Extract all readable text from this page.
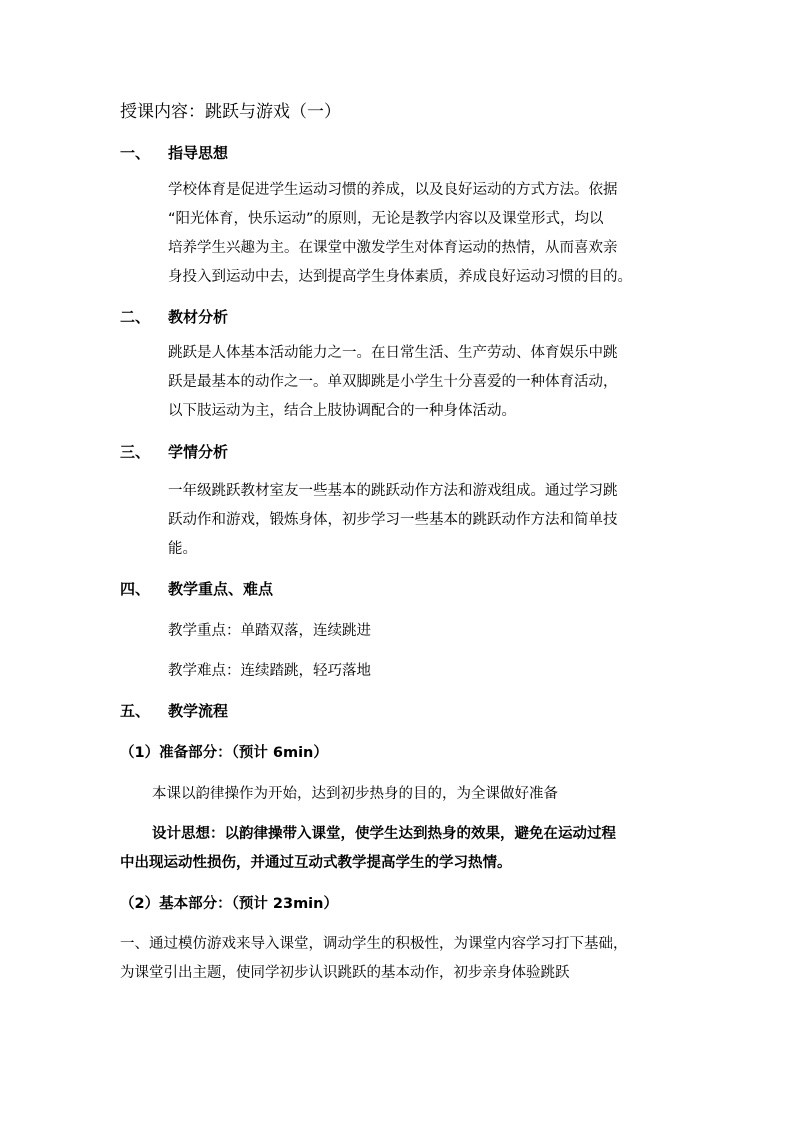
授课内容：跳跃与游戏（一）
一、 指导思想

学校体育是促进学生运动习惯的养成，以及良好运动的方式方法。依据

“阳光体育，快乐运动”的原则，无论是教学内容以及课堂形式，均以

培养学生兴趣为主。在课堂中激发学生对体育运动的热情，从而喜欢亲

身投入到运动中去，达到提高学生身体素质，养成良好运动习惯的目的。

二、 教材分析

跳跃是人体基本活动能力之一。在日常生活、生产劳动、体育娱乐中跳

跃是最基本的动作之一。单双脚跳是小学生十分喜爱的一种体育活动，

以下肢运动为主，结合上肢协调配合的一种身体活动。

三、 学情分析

一年级跳跃教材室友一些基本的跳跃动作方法和游戏组成。通过学习跳

跃动作和游戏，锻炼身体，初步学习一些基本的跳跃动作方法和简单技

能。

四、 教学重点、难点
教学重点：单踏双落，连续跳进
教学难点：连续踏跳，轻巧落地
五、 教学流程
（1）准备部分：（预计 6min）
本课以韵律操作为开始，达到初步热身的目的，为全课做好准备
设计思想：以韵律操带入课堂，使学生达到热身的效果，避免在运动过程
中出现运动性损伤，并通过互动式教学提高学生的学习热情。
（2）基本部分：（预计 23min）
一、通过模仿游戏来导入课堂，调动学生的积极性，为课堂内容学习打下基础，
为课堂引出主题，使同学初步认识跳跃的基本动作，初步亲身体验跳跃
